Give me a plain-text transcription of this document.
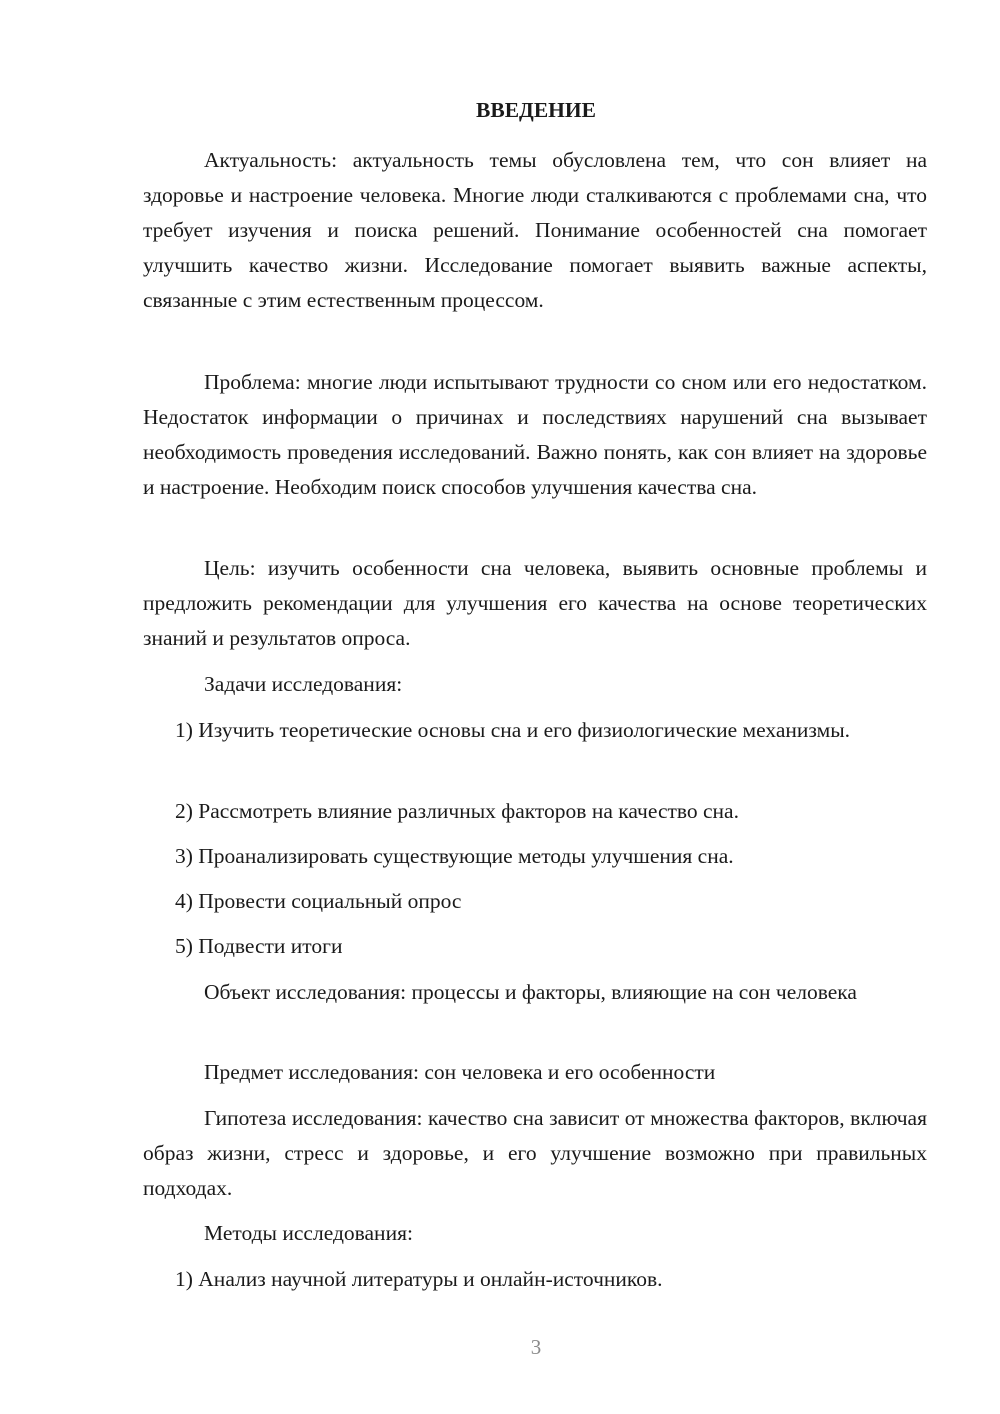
ВВЕДЕНИЕ

Актуальность: актуальность темы обусловлена тем, что сон влияет на здоровье и настроение человека. Многие люди сталкиваются с проблемами сна, что требует изучения и поиска решений. Понимание особенностей сна помогает улучшить качество жизни. Исследование помогает выявить важные аспекты, связанные с этим естественным процессом.

Проблема: многие люди испытывают трудности со сном или его недостатком. Недостаток информации о причинах и последствиях нарушений сна вызывает необходимость проведения исследований. Важно понять, как сон влияет на здоровье и настроение. Необходим поиск способов улучшения качества сна.

Цель: изучить особенности сна человека, выявить основные проблемы и предложить рекомендации для улучшения его качества на основе теоретических знаний и результатов опроса.

Задачи исследования:

1) Изучить теоретические основы сна и его физиологические механизмы.

2) Рассмотреть влияние различных факторов на качество сна.

3) Проанализировать существующие методы улучшения сна.

4) Провести социальный опрос

5) Подвести итоги

Объект исследования: процессы и факторы, влияющие на сон человека

Предмет исследования: сон человека и его особенности

Гипотеза исследования: качество сна зависит от множества факторов, включая образ жизни, стресс и здоровье, и его улучшение возможно при правильных подходах.

Методы исследования:

1) Анализ научной литературы и онлайн-источников.

3
